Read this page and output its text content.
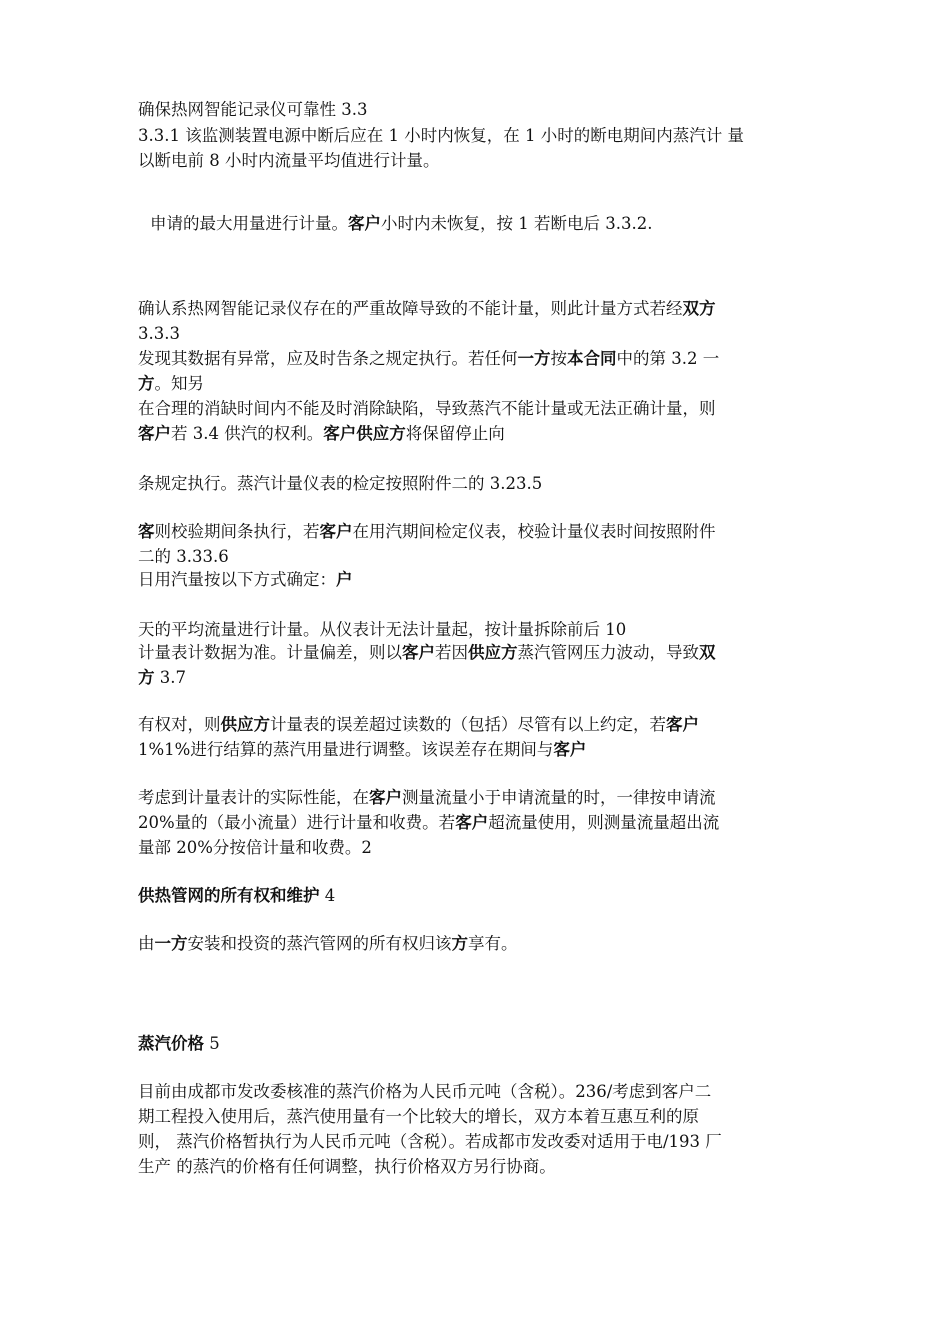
确保热网智能记录仪可靠性 3.3
3.3.1 该监测装置电源中断后应在 1 小时内恢复，在 1 小时的断电期间内蒸汽计 量
以断电前 8 小时内流量平均值进行计量。
申请的最大用量进行计量。客户小时内未恢复，按 1 若断电后 3.3.2.
确认系热网智能记录仪存在的严重故障导致的不能计量，则此计量方式若经双方
3.3.3
发现其数据有异常，应及时告条之规定执行。若任何一方按本合同中的第 3.2 一
方。知另
在合理的消缺时间内不能及时消除缺陷，导致蒸汽不能计量或无法正确计量，则
客户若 3.4 供汽的权利。客户供应方将保留停止向
条规定执行。蒸汽计量仪表的检定按照附件二的 3.23.5
客则校验期间条执行，若客户在用汽期间检定仪表，校验计量仪表时间按照附件
二的 3.33.6
日用汽量按以下方式确定：户
天的平均流量进行计量。从仪表计无法计量起，按计量拆除前后 10
计量表计数据为准。计量偏差，则以客户若因供应方蒸汽管网压力波动，导致双
方 3.7
有权对，则供应方计量表的误差超过读数的（包括）尽管有以上约定，若客户
1%1%进行结算的蒸汽用量进行调整。该误差存在期间与客户
考虑到计量表计的实际性能，在客户测量流量小于申请流量的时，一律按申请流
20%量的（最小流量）进行计量和收费。若客户超流量使用，则测量流量超出流
量部 20%分按倍计量和收费。2
供热管网的所有权和维护 4
由一方安装和投资的蒸汽管网的所有权归该方享有。
蒸汽价格 5
目前由成都市发改委核准的蒸汽价格为人民币元吨（含税）。236/考虑到客户二
期工程投入使用后，蒸汽使用量有一个比较大的增长，双方本着互惠互利的原
则， 蒸汽价格暂执行为人民币元吨（含税）。若成都市发改委对适用于电/193 厂
生产 的蒸汽的价格有任何调整，执行价格双方另行协商。
